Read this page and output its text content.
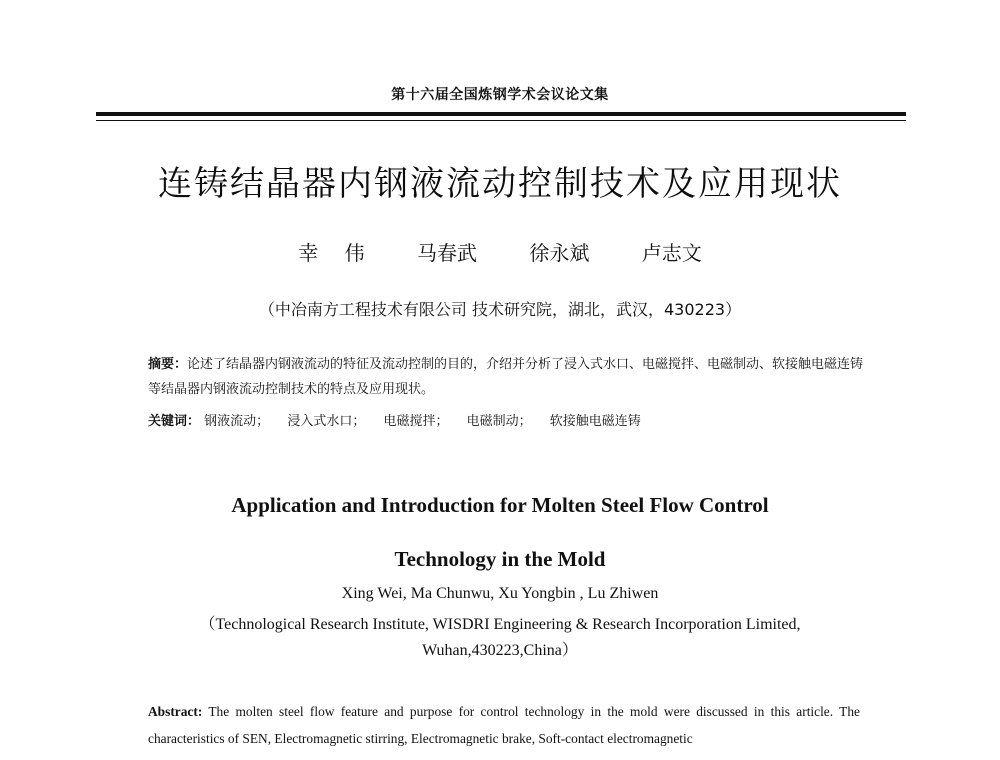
第十六届全国炼钢学术会议论文集
连铸结晶器内钢液流动控制技术及应用现状
幸 伟	马春武	徐永斌	卢志文
（中冶南方工程技术有限公司 技术研究院，湖北，武汉，430223）
摘要：论述了结晶器内钢液流动的特征及流动控制的目的，介绍并分析了浸入式水口、电磁搅拌、电磁制动、软接触电磁连铸等结晶器内钢液流动控制技术的特点及应用现状。
关键词： 钢液流动； 浸入式水口； 电磁搅拌； 电磁制动； 软接触电磁连铸
Application and Introduction for Molten Steel Flow Control
Technology in the Mold
Xing Wei, Ma Chunwu, Xu Yongbin , Lu Zhiwen
（Technological Research Institute, WISDRI Engineering & Research Incorporation Limited, Wuhan,430223,China）
Abstract: The molten steel flow feature and purpose for control technology in the mold were discussed in this article. The characteristics of SEN, Electromagnetic stirring, Electromagnetic brake, Soft-contact electromagnetic
